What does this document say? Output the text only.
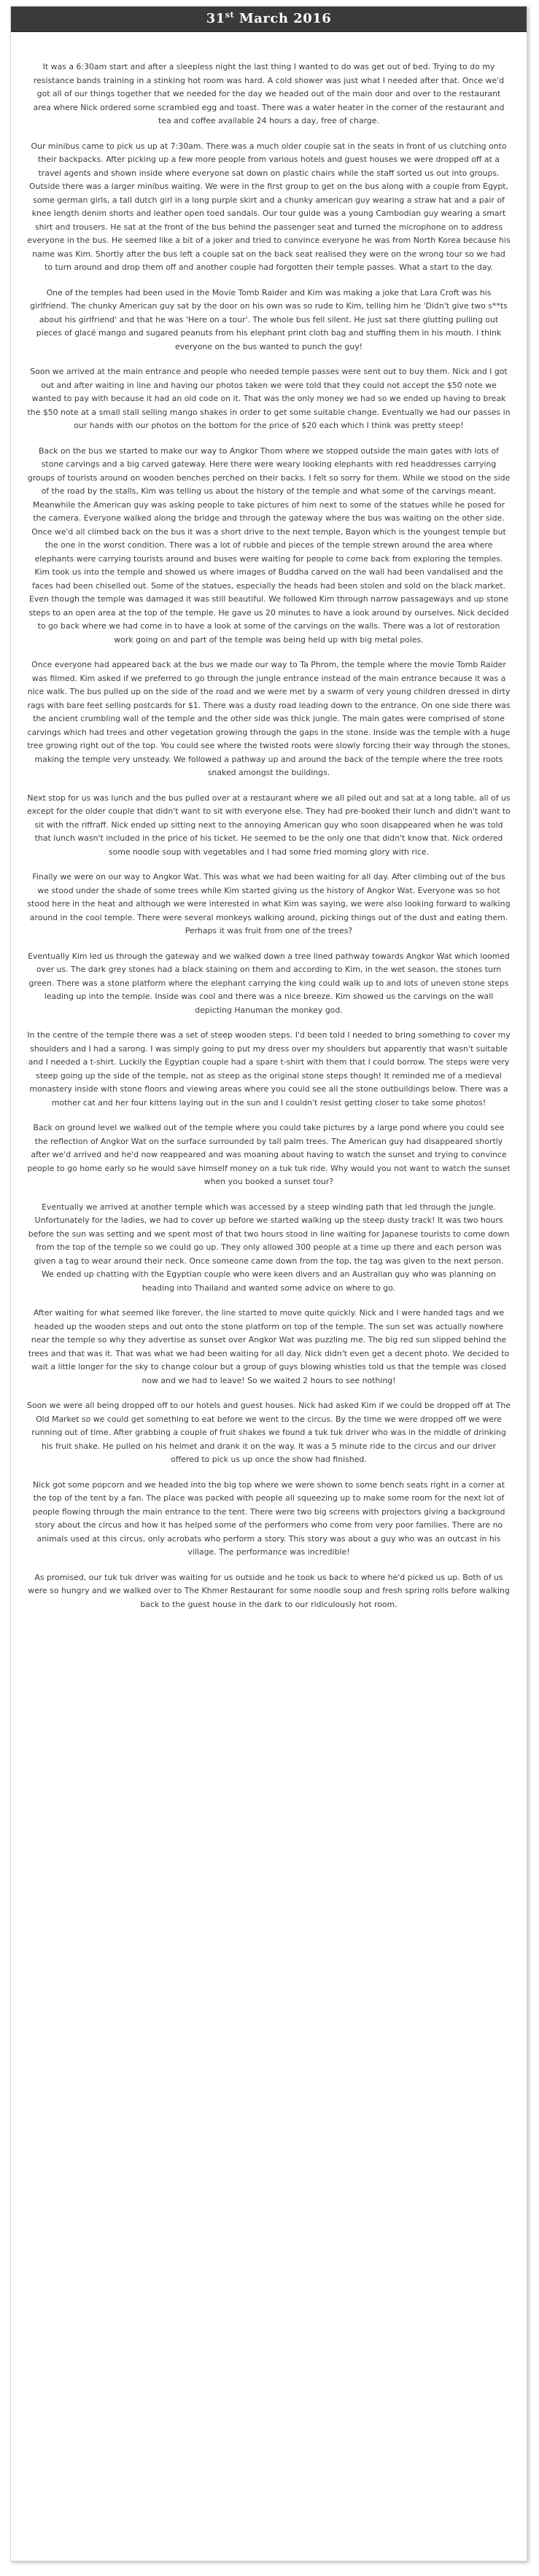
31st March 2016

It was a 6:30am start and after a sleepless night the last thing I wanted to do was get out of bed. Trying to do my resistance bands training in a stinking hot room was hard. A cold shower was just what I needed after that. Once we'd got all of our things together that we needed for the day we headed out of the main door and over to the restaurant area where Nick ordered some scrambled egg and toast. There was a water heater in the corner of the restaurant and tea and coffee available 24 hours a day, free of charge.

Our minibus came to pick us up at 7:30am. There was a much older couple sat in the seats in front of us clutching onto their backpacks. After picking up a few more people from various hotels and guest houses we were dropped off at a travel agents and shown inside where everyone sat down on plastic chairs while the staff sorted us out into groups. Outside there was a larger minibus waiting. We were in the first group to get on the bus along with a couple from Egypt, some german girls, a tall dutch girl in a long purple skirt and a chunky american guy wearing a straw hat and a pair of knee length denim shorts and leather open toed sandals. Our tour guide was a young Cambodian guy wearing a smart shirt and trousers. He sat at the front of the bus behind the passenger seat and turned the microphone on to address everyone in the bus. He seemed like a bit of a joker and tried to convince everyone he was from North Korea because his name was Kim. Shortly after the bus left a couple sat on the back seat realised they were on the wrong tour so we had to turn around and drop them off and another couple had forgotten their temple passes. What a start to the day.

One of the temples had been used in the Movie Tomb Raider and Kim was making a joke that Lara Croft was his girlfriend. The chunky American guy sat by the door on his own was so rude to Kim, telling him he 'Didn't give two s**ts about his girlfriend' and that he was 'Here on a tour'. The whole bus fell silent. He just sat there glutting pulling out pieces of glacé mango and sugared peanuts from his elephant print cloth bag and stuffing them in his mouth. I think everyone on the bus wanted to punch the guy!

Soon we arrived at the main entrance and people who needed temple passes were sent out to buy them. Nick and I got out and after waiting in line and having our photos taken we were told that they could not accept the $50 note we wanted to pay with because it had an old code on it. That was the only money we had so we ended up having to break the $50 note at a small stall selling mango shakes in order to get some suitable change. Eventually we had our passes in our hands with our photos on the bottom for the price of $20 each which I think was pretty steep!

Back on the bus we started to make our way to Angkor Thom where we stopped outside the main gates with lots of stone carvings and a big carved gateway. Here there were weary looking elephants with red headdresses carrying groups of tourists around on wooden benches perched on their backs. I felt so sorry for them. While we stood on the side of the road by the stalls, Kim was telling us about the history of the temple and what some of the carvings meant. Meanwhile the American guy was asking people to take pictures of him next to some of the statues while he posed for the camera. Everyone walked along the bridge and through the gateway where the bus was waiting on the other side. Once we'd all climbed back on the bus it was a short drive to the next temple, Bayon which is the youngest temple but the one in the worst condition. There was a lot of rubble and pieces of the temple strewn around the area where elephants were carrying tourists around and buses were waiting for people to come back from exploring the temples. Kim took us into the temple and showed us where images of Buddha carved on the wall had been vandalised and the faces had been chiselled out. Some of the statues, especially the heads had been stolen and sold on the black market. Even though the temple was damaged it was still beautiful. We followed Kim through narrow passageways and up stone steps to an open area at the top of the temple. He gave us 20 minutes to have a look around by ourselves. Nick decided to go back where we had come in to have a look at some of the carvings on the walls. There was a lot of restoration work going on and part of the temple was being held up with big metal poles.

Once everyone had appeared back at the bus we made our way to Ta Phrom, the temple where the movie Tomb Raider was filmed. Kim asked if we preferred to go through the jungle entrance instead of the main entrance because it was a nice walk. The bus pulled up on the side of the road and we were met by a swarm of very young children dressed in dirty rags with bare feet selling postcards for $1. There was a dusty road leading down to the entrance. On one side there was the ancient crumbling wall of the temple and the other side was thick jungle. The main gates were comprised of stone carvings which had trees and other vegetation growing through the gaps in the stone. Inside was the temple with a huge tree growing right out of the top. You could see where the twisted roots were slowly forcing their way through the stones, making the temple very unsteady. We followed a pathway up and around the back of the temple where the tree roots snaked amongst the buildings.

Next stop for us was lunch and the bus pulled over at a restaurant where we all piled out and sat at a long table, all of us except for the older couple that didn't want to sit with everyone else. They had pre-booked their lunch and didn't want to sit with the riffraff. Nick ended up sitting next to the annoying American guy who soon disappeared when he was told that lunch wasn't included in the price of his ticket. He seemed to be the only one that didn't know that. Nick ordered some noodle soup with vegetables and I had some fried morning glory with rice.

Finally we were on our way to Angkor Wat. This was what we had been waiting for all day. After climbing out of the bus we stood under the shade of some trees while Kim started giving us the history of Angkor Wat. Everyone was so hot stood here in the heat and although we were interested in what Kim was saying, we were also looking forward to walking around in the cool temple. There were several monkeys walking around, picking things out of the dust and eating them. Perhaps it was fruit from one of the trees?

Eventually Kim led us through the gateway and we walked down a tree lined pathway towards Angkor Wat which loomed over us. The dark grey stones had a black staining on them and according to Kim, in the wet season, the stones turn green. There was a stone platform where the elephant carrying the king could walk up to and lots of uneven stone steps leading up into the temple. Inside was cool and there was a nice breeze. Kim showed us the carvings on the wall depicting Hanuman the monkey god.

In the centre of the temple there was a set of steep wooden steps. I'd been told I needed to bring something to cover my shoulders and I had a sarong. I was simply going to put my dress over my shoulders but apparently that wasn't suitable and I needed a t-shirt. Luckily the Egyptian couple had a spare t-shirt with them that I could borrow. The steps were very steep going up the side of the temple, not as steep as the original stone steps though! It reminded me of a medieval monastery inside with stone floors and viewing areas where you could see all the stone outbuildings below. There was a mother cat and her four kittens laying out in the sun and I couldn't resist getting closer to take some photos!

Back on ground level we walked out of the temple where you could take pictures by a large pond where you could see the reflection of Angkor Wat on the surface surrounded by tall palm trees. The American guy had disappeared shortly after we'd arrived and he'd now reappeared and was moaning about having to watch the sunset and trying to convince people to go home early so he would save himself money on a tuk tuk ride. Why would you not want to watch the sunset when you booked a sunset tour?

Eventually we arrived at another temple which was accessed by a steep winding path that led through the jungle. Unfortunately for the ladies, we had to cover up before we started walking up the steep dusty track! It was two hours before the sun was setting and we spent most of that two hours stood in line waiting for Japanese tourists to come down from the top of the temple so we could go up. They only allowed 300 people at a time up there and each person was given a tag to wear around their neck. Once someone came down from the top, the tag was given to the next person. We ended up chatting with the Egyptian couple who were keen divers and an Australian guy who was planning on heading into Thailand and wanted some advice on where to go.

After waiting for what seemed like forever, the line started to move quite quickly. Nick and I were handed tags and we headed up the wooden steps and out onto the stone platform on top of the temple. The sun set was actually nowhere near the temple so why they advertise as sunset over Angkor Wat was puzzling me. The big red sun slipped behind the trees and that was it. That was what we had been waiting for all day. Nick didn't even get a decent photo. We decided to wait a little longer for the sky to change colour but a group of guys blowing whistles told us that the temple was closed now and we had to leave! So we waited 2 hours to see nothing!

Soon we were all being dropped off to our hotels and guest houses. Nick had asked Kim if we could be dropped off at The Old Market so we could get something to eat before we went to the circus. By the time we were dropped off we were running out of time. After grabbing a couple of fruit shakes we found a tuk tuk driver who was in the middle of drinking his fruit shake. He pulled on his helmet and drank it on the way. It was a 5 minute ride to the circus and our driver offered to pick us up once the show had finished.

Nick got some popcorn and we headed into the big top where we were shown to some bench seats right in a corner at the top of the tent by a fan. The place was packed with people all squeezing up to make some room for the next lot of people flowing through the main entrance to the tent. There were two big screens with projectors giving a background story about the circus and how it has helped some of the performers who come from very poor families. There are no animals used at this circus, only acrobats who perform a story. This story was about a guy who was an outcast in his village. The performance was incredible!

As promised, our tuk tuk driver was waiting for us outside and he took us back to where he'd picked us up. Both of us were so hungry and we walked over to The Khmer Restaurant for some noodle soup and fresh spring rolls before walking back to the guest house in the dark to our ridiculously hot room.
